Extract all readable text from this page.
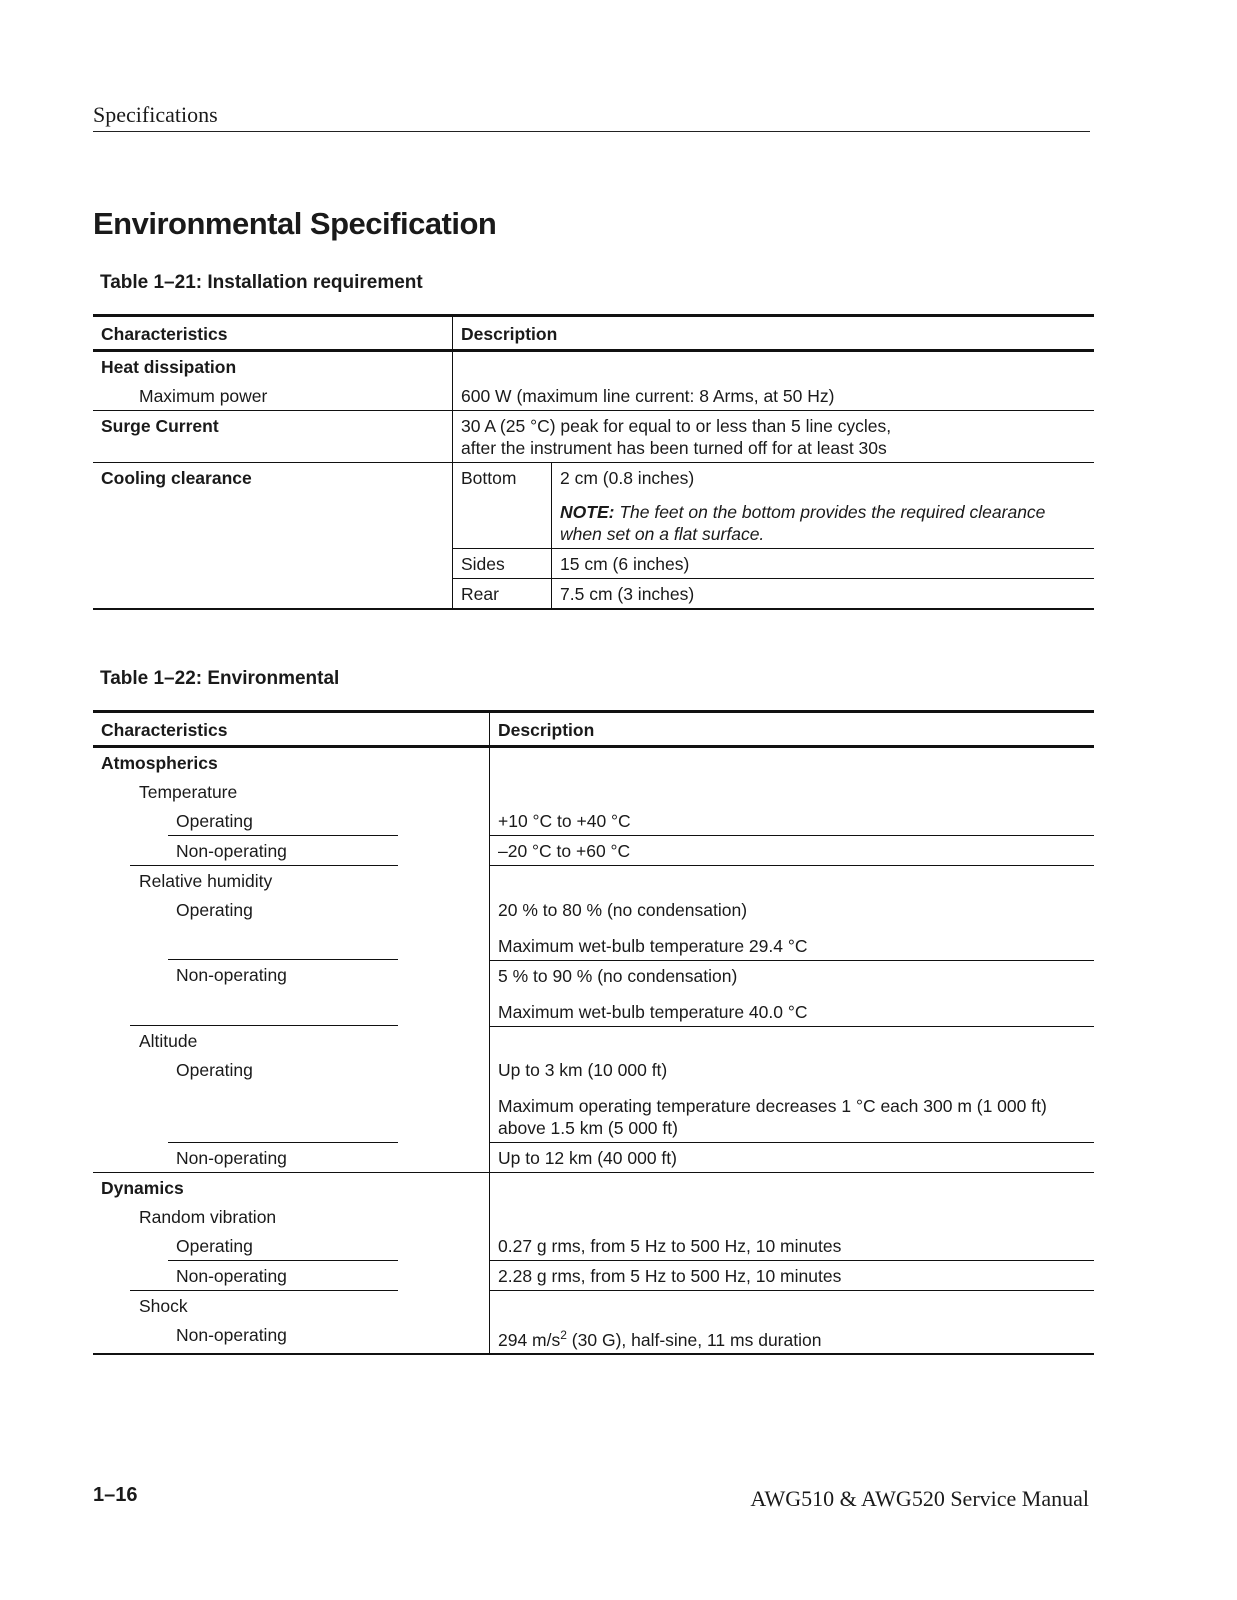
Specifications
Environmental Specification
Table 1–21: Installation requirement
Characteristics	Description	
Heat dissipation		
Maximum power	600 W (maximum line current: 8 Arms, at 50 Hz)	
Surge Current	30 A (25 °C) peak for equal to or less than 5 line cycles,
after the instrument has been turned off for at least 30s	

Cooling clearance	Bottom	2 cm (0.8 inches)
NOTE: The feet on the bottom provides the required clearance when set on a flat surface.

	Sides	15 cm (6 inches)
	Rear	7.5 cm (3 inches)
Table 1–22: Environmental
Characteristics	Description
Atmospherics	
Temperature	
Operating	+10 °C to +40 °C
Non-operating	–20 °C to +60 °C
Relative humidity	
Operating	20 % to 80 % (no condensation)
Maximum wet-bulb temperature 29.4 °C

Non-operating	5 % to 90 % (no condensation)
Maximum wet-bulb temperature 40.0 °C

Altitude	
Operating	Up to 3 km (10 000 ft)
Maximum operating temperature decreases 1 °C each 300 m (1 000 ft)
above 1.5 km (5 000 ft)

Non-operating	Up to 12 km (40 000 ft)
Dynamics	
Random vibration	
Operating	0.27 g rms, from 5 Hz to 500 Hz, 10 minutes
Non-operating	2.28 g rms, from 5 Hz to 500 Hz, 10 minutes
Shock	
Non-operating	294 $m/s^2$ (30 G), half-sine, 11 ms duration
1–16	AWG510 & AWG520 Service Manual
